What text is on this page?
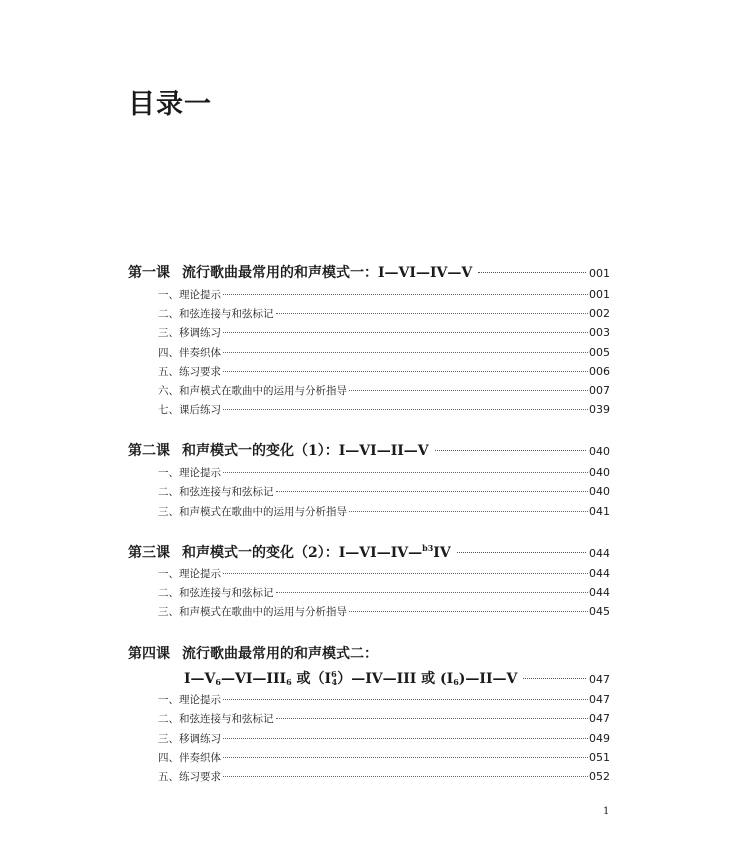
目录一
第一课 流行歌曲最常用的和声模式一：I—VI—IV—V	001
一、理论提示	001
二、和弦连接与和弦标记	002
三、移调练习	003
四、伴奏织体	005
五、练习要求	006
六、和声模式在歌曲中的运用与分析指导	007
七、课后练习	039
第二课 和声模式一的变化（1）：I—VI—II—V	040
一、理论提示	040
二、和弦连接与和弦标记	040
三、和声模式在歌曲中的运用与分析指导	041
第三课 和声模式一的变化（2）：I—VI—IV—$^{b3}$IV	044
一、理论提示	044
二、和弦连接与和弦标记	044
三、和声模式在歌曲中的运用与分析指导	045
第四课 流行歌曲最常用的和声模式二：
$I—V_6—VI—III_6$ 或$(I^6_4)—IV—III$ 或 $(I_6)—II—V$	047
一、理论提示	047
二、和弦连接与和弦标记	047
三、移调练习	049
四、伴奏织体	051
五、练习要求	052
1
